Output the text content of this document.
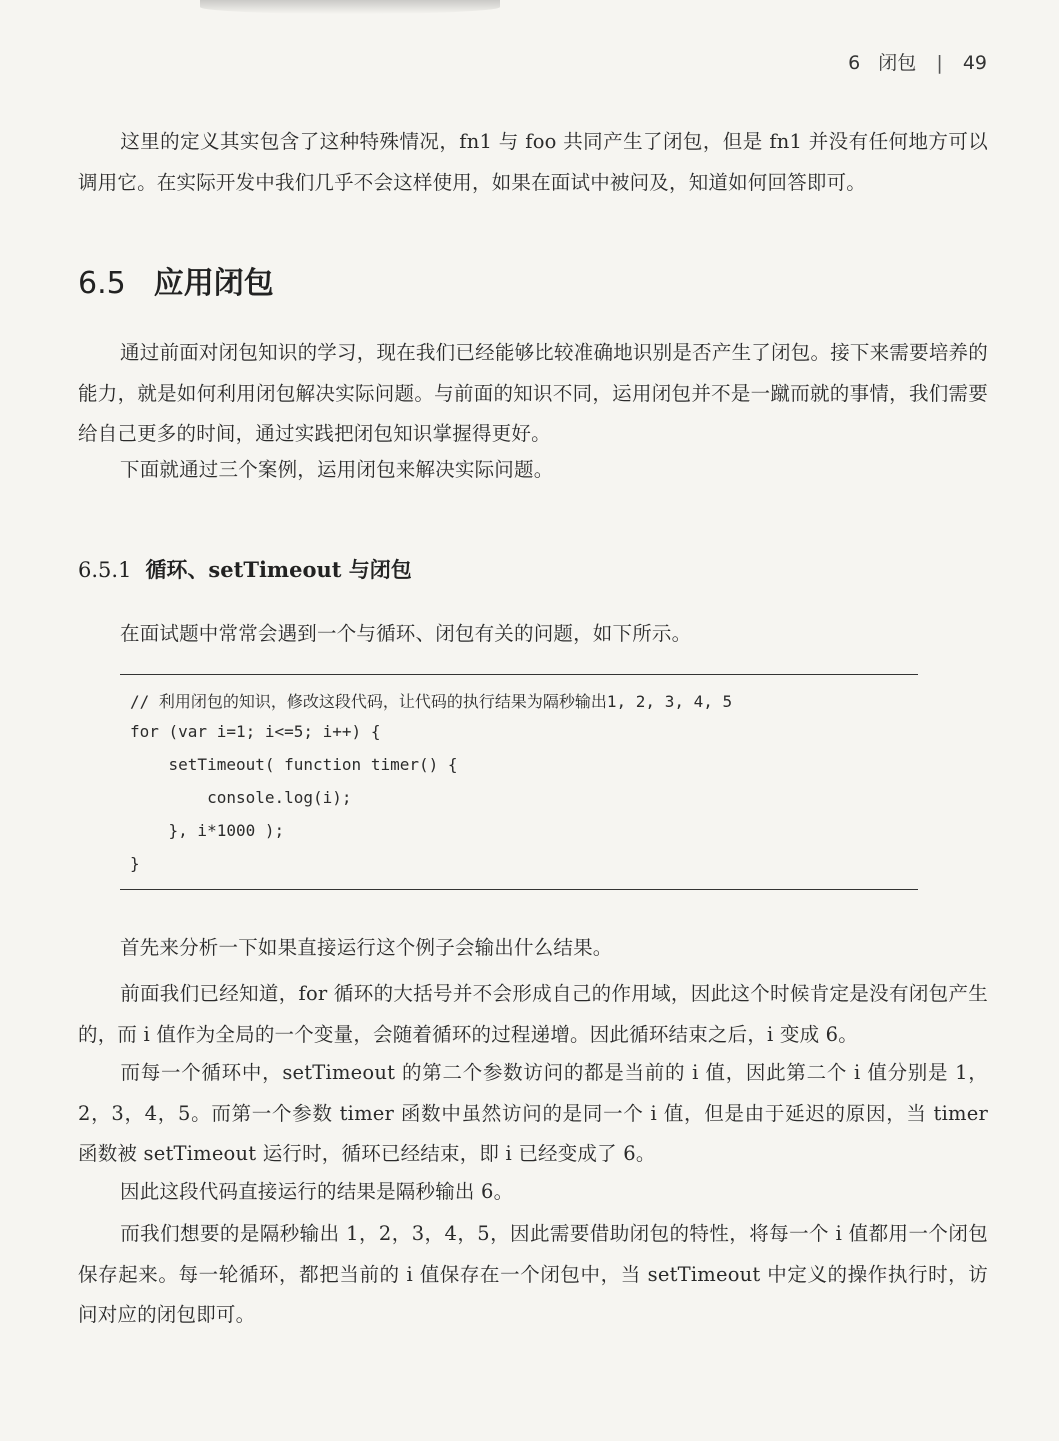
6 闭包 | 49

这里的定义其实包含了这种特殊情况，fn1 与 foo 共同产生了闭包，但是 fn1 并没有任何地方可以调用它。在实际开发中我们几乎不会这样使用，如果在面试中被问及，知道如何回答即可。

6.5 应用闭包

通过前面对闭包知识的学习，现在我们已经能够比较准确地识别是否产生了闭包。接下来需要培养的能力，就是如何利用闭包解决实际问题。与前面的知识不同，运用闭包并不是一蹴而就的事情，我们需要给自己更多的时间，通过实践把闭包知识掌握得更好。

下面就通过三个案例，运用闭包来解决实际问题。

6.5.1 循环、setTimeout 与闭包

在面试题中常常会遇到一个与循环、闭包有关的问题，如下所示。

// 利用闭包的知识，修改这段代码，让代码的执行结果为隔秒输出1, 2, 3, 4, 5
for (var i=1; i<=5; i++) {
setTimeout( function timer() {
console.log(i);
}, i*1000 );
}

首先来分析一下如果直接运行这个例子会输出什么结果。

前面我们已经知道，for 循环的大括号并不会形成自己的作用域，因此这个时候肯定是没有闭包产生的，而 i 值作为全局的一个变量，会随着循环的过程递增。因此循环结束之后，i 变成 6。

而每一个循环中，setTimeout 的第二个参数访问的都是当前的 i 值，因此第二个 i 值分别是 1，2，3，4，5。而第一个参数 timer 函数中虽然访问的是同一个 i 值，但是由于延迟的原因，当 timer 函数被 setTimeout 运行时，循环已经结束，即 i 已经变成了 6。

因此这段代码直接运行的结果是隔秒输出 6。

而我们想要的是隔秒输出 1，2，3，4，5，因此需要借助闭包的特性，将每一个 i 值都用一个闭包保存起来。每一轮循环，都把当前的 i 值保存在一个闭包中，当 setTimeout 中定义的操作执行时，访问对应的闭包即可。
